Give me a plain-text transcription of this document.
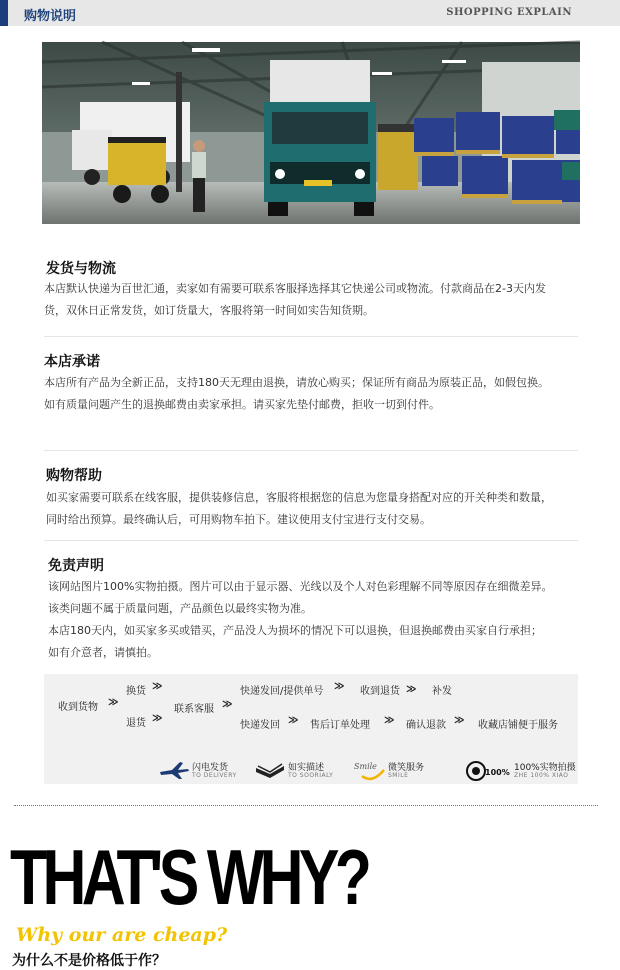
购物说明	SHOPPING EXPLAIN
发货与物流
本店默认快递为百世汇通，卖家如有需要可联系客服择选择其它快递公司或物流。付款商品在2-3天内发
货，双休日正常发货，如订货量大，客服将第一时间如实告知货期。
本店承诺
本店所有产品为全新正品，支持180天无理由退换，请放心购买；保证所有商品为原装正品，如假包换。
如有质量问题产生的退换邮费由卖家承担。请买家先垫付邮费，拒收一切到付件。
购物帮助
如买家需要可联系在线客服，提供装修信息，客服将根据您的信息为您量身搭配对应的开关种类和数量，
同时给出预算。最终确认后，可用购物车拍下。建议使用支付宝进行支付交易。
免责声明
该网站图片100%实物拍摄。图片可以由于显示器、光线以及个人对色彩理解不同等原因存在细微差异。
该类问题不属于质量问题，产品颜色以最终实物为准。
本店180天内，如买家多买或错买，产品没人为损坏的情况下可以退换，但退换邮费由买家自行承担；
如有介意者，请慎拍。
收到货物 ≫
换货 ≫
退货 ≫
联系客服 ≫
快递发回/提供单号 ≫ 收到退货 ≫ 补发
快递发回 ≫ 售后订单处理 ≫ 确认退款 ≫ 收藏店铺便于服务
闪电发货
TO DELIVERY
如实描述
TO SOORIALY
Smile 微笑服务
SMILE	100% 100%实物拍摄
ZHE 100% XIAO
THAT'S WHY?
Why our are cheap?
为什么不是价格低于作？
